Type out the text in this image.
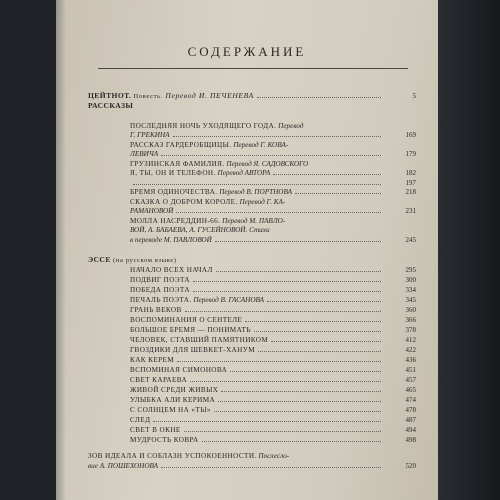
СОДЕРЖАНИЕ
ЦЕЙТНОТ. Повесть. Перевод И. ПЕЧЕНЕВА	5
РАССКАЗЫ
ПОСЛЕДНЯЯ НОЧЬ УХОДЯЩЕГО ГОДА. Перевод
Г. ГРЕКИНА	169
РАССКАЗ ГАРДЕРОБЩИЦЫ. Перевод Г. КОВА-
ЛЕВИЧА	179
ГРУЗИНСКАЯ ФАМИЛИЯ. Перевод Я. САДОВСКОГО
Я, ТЫ, ОН И ТЕЛЕФОН. Перевод АВТОРА	182
197
БРЕМЯ ОДИНОЧЕСТВА. Перевод В. ПОРТНОВА	218
СКАЗКА О ДОБРОМ КОРОЛЕ. Перевод Г. КА-
РАМАНОВОЙ	231
МОЛЛА НАСРЕДДИН-66. Перевод М. ПАВЛО-
ВОЙ, А. БАБАЕВА, А. ГУСЕЙНОВОЙ. Стихи
в переводе М. ПАВЛОВОЙ	245
ЭССЕ (на русском языке)
НАЧАЛО ВСЕХ НАЧАЛ	295
ПОДВИГ ПОЭТА	300
ПОБЕДА ПОЭТА	334
ПЕЧАЛЬ ПОЭТА. Перевод В. ГАСАНОВА	345
ГРАНЬ ВЕКОВ	360
ВОСПОМИНАНИЯ О СЕНТЕЛЕ	366
БОЛЬШОЕ БРЕМЯ — ПОНИМАТЬ	378
ЧЕЛОВЕК, СТАВШИЙ ПАМЯТНИКОМ	412
ГВОЗДИКИ ДЛЯ ШЕВКЕТ-ХАНУМ	422
КАК КЕРЕМ	436
ВСПОМИНАЯ СИМОНОВА	451
СВЕТ КАРАЕВА	457
ЖИВОЙ СРЕДИ ЖИВЫХ	465
УЛЫБКА АЛИ КЕРИМА	474
С СОЛНЦЕМ НА «ТЫ»	478
СЛЕД	487
СВЕТ В ОКНЕ	494
МУДРОСТЬ КОВРА	498
ЗОВ ИДЕАЛА И СОБЛАЗН УСПОКОЕННОСТИ. Послесло-
вие А. ПОШЕХОНОВА	520
